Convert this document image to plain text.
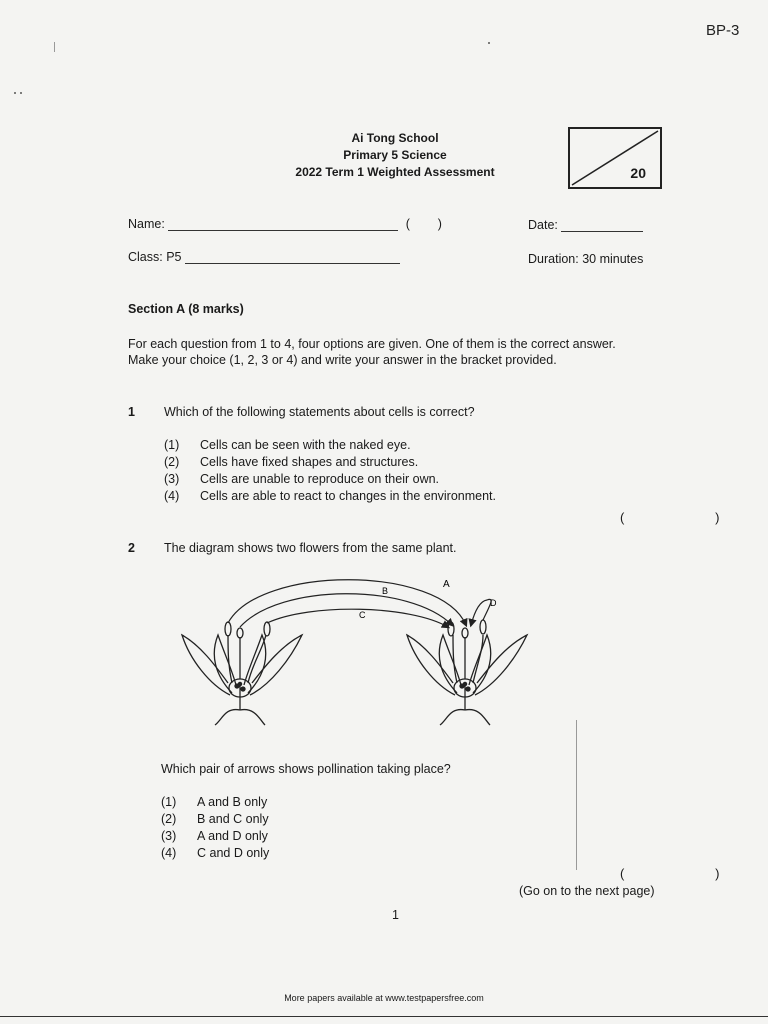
BP-3
Ai Tong School
Primary 5 Science
2022 Term 1 Weighted Assessment	20
Name:	(        )	Date:
Class: P5	Duration: 30 minutes
Section A (8 marks)
For each question from 1 to 4, four options are given. One of them is the correct answer.
Make your choice (1, 2, 3 or 4) and write your answer in the bracket provided.
1 Which of the following statements about cells is correct?
(1) Cells can be seen with the naked eye.
(2) Cells have fixed shapes and structures.
(3) Cells are unable to reproduce on their own.
(4) Cells are able to react to changes in the environment.
(   )
2 The diagram shows two flowers from the same plant.
A
B
C
D
Which pair of arrows shows pollination taking place?
(1) A and B only
(2) B and C only
(3) A and D only
(4) C and D only
(   )
(Go on to the next page)
1
More papers available at www.testpapersfree.com
